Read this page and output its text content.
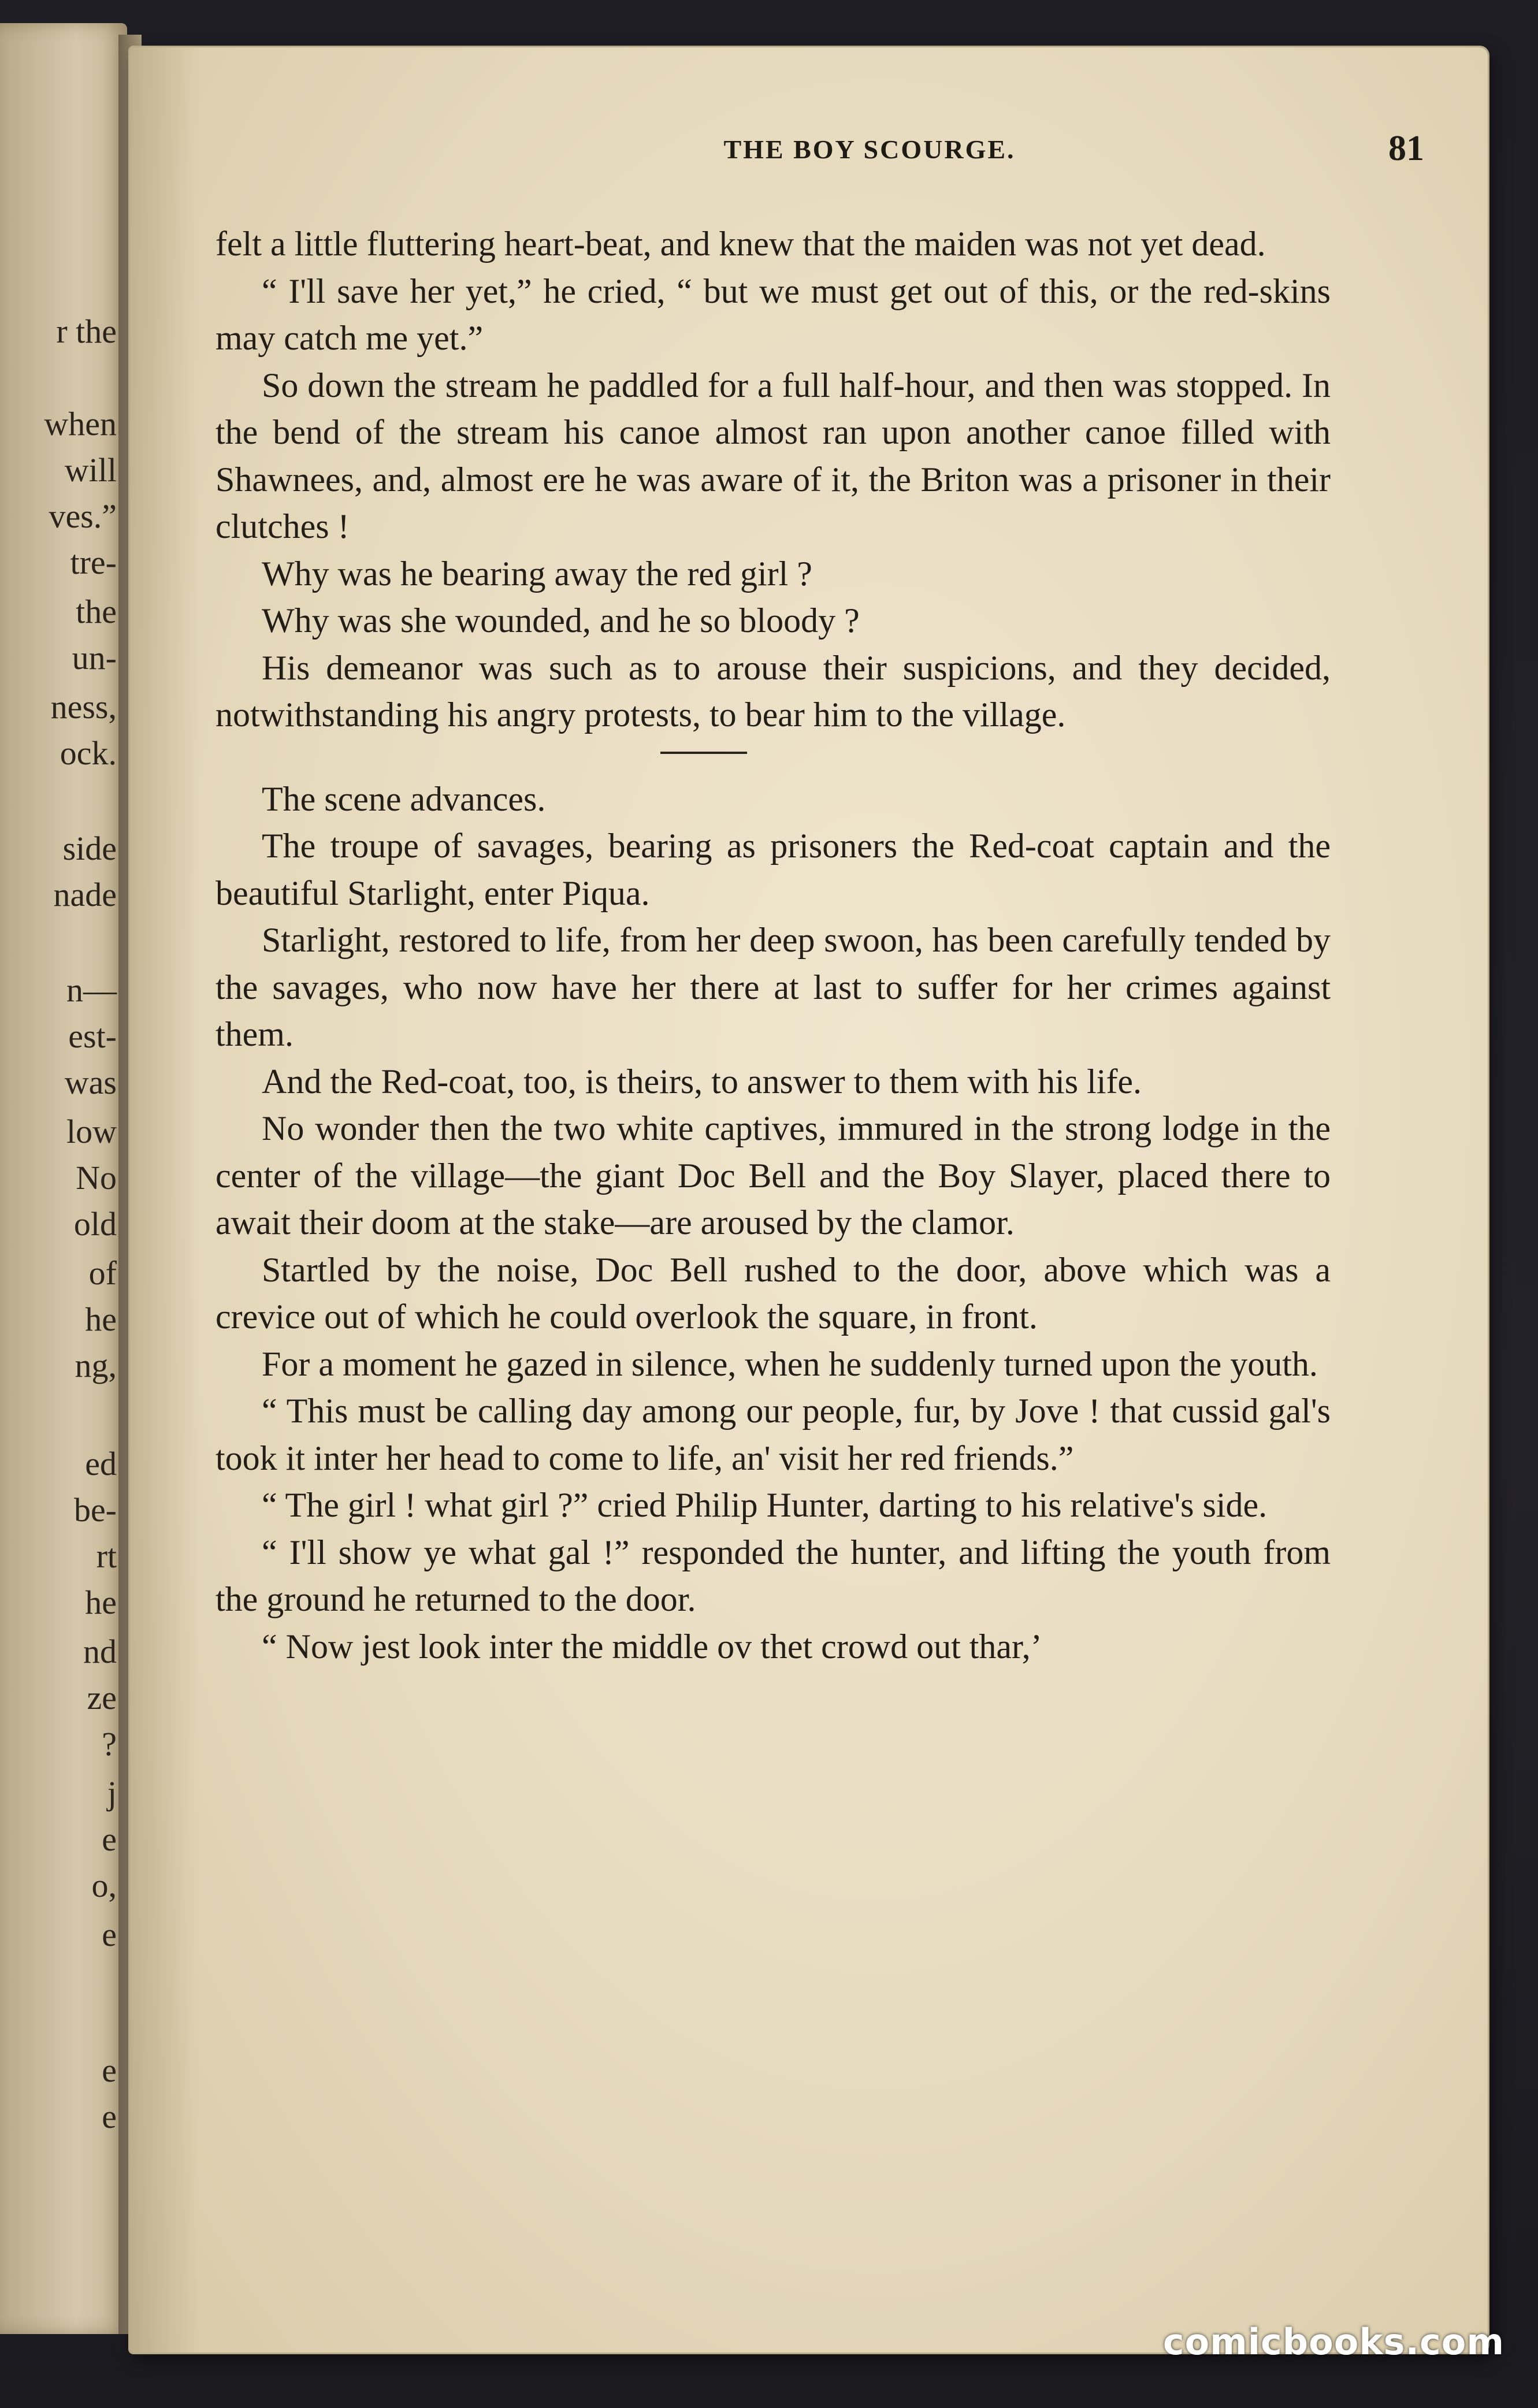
r the
when
will
ves.”
tre-
the
un-
ness,
ock.
side
nade
n—
est-
was
low
No
old
of
he
ng,
ed
be-
rt
he
nd
ze
?
j
e
o,
e
e
e
THE BOY SCOURGE.	81

felt a little fluttering heart-beat, and knew that the maiden was not yet dead.

“ I'll save her yet,” he cried, “ but we must get out of this, or the red-skins may catch me yet.”

So down the stream he paddled for a full half-hour, and then was stopped. In the bend of the stream his canoe almost ran upon another canoe filled with Shawnees, and, almost ere he was aware of it, the Briton was a prisoner in their clutches !

Why was he bearing away the red girl ?

Why was she wounded, and he so bloody ?

His demeanor was such as to arouse their suspicions, and they decided, notwithstanding his angry protests, to bear him to the village.

The scene advances.

The troupe of savages, bearing as prisoners the Red-coat captain and the beautiful Starlight, enter Piqua.

Starlight, restored to life, from her deep swoon, has been carefully tended by the savages, who now have her there at last to suffer for her crimes against them.

And the Red-coat, too, is theirs, to answer to them with his life.

No wonder then the two white captives, immured in the strong lodge in the center of the village—the giant Doc Bell and the Boy Slayer, placed there to await their doom at the stake—are aroused by the clamor.

Startled by the noise, Doc Bell rushed to the door, above which was a crevice out of which he could overlook the square, in front.

For a moment he gazed in silence, when he suddenly turned upon the youth.

“ This must be calling day among our people, fur, by Jove ! that cussid gal's took it inter her head to come to life, an' visit her red friends.”

“ The girl ! what girl ?” cried Philip Hunter, darting to his relative's side.

“ I'll show ye what gal !” responded the hunter, and lifting the youth from the ground he returned to the door.

“ Now jest look inter the middle ov thet crowd out thar,’

comicbooks.com
